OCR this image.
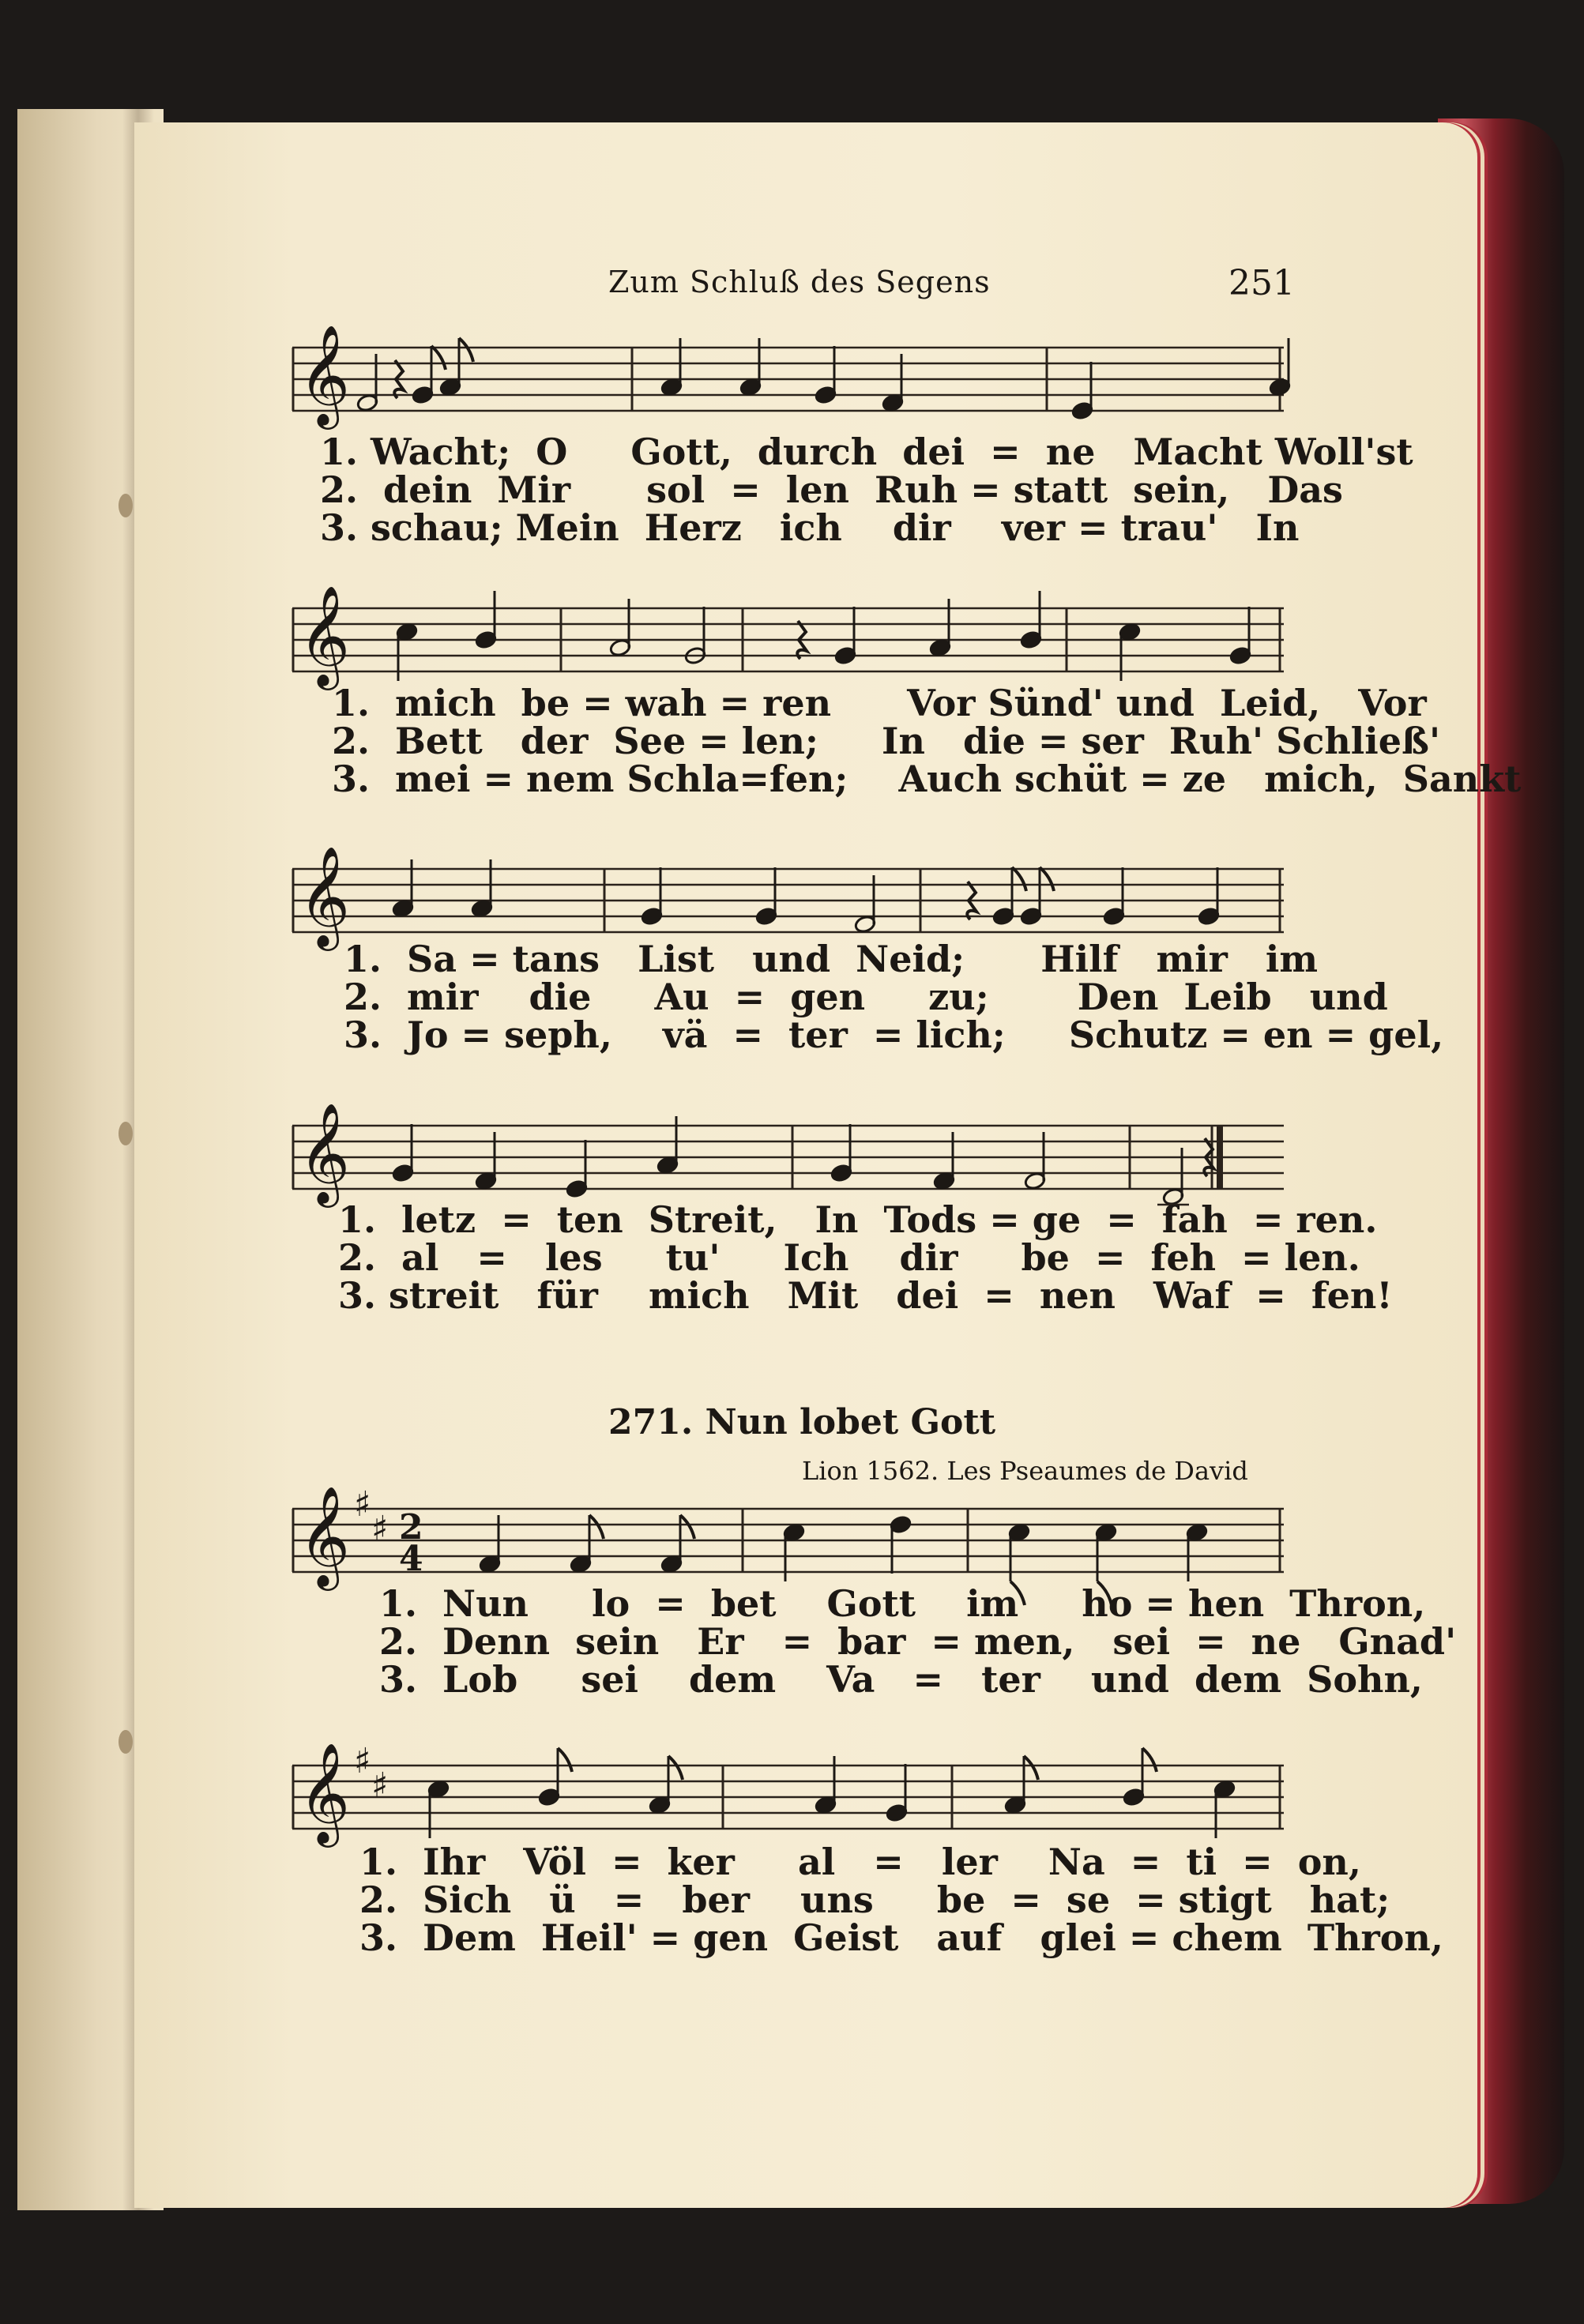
Zum Schluß des Segens	251
𝄞
1. Wacht;  O     Gott,  durch  dei  =  ne   Macht Woll'st
2.  dein  Mir      sol  =  len  Ruh = statt  sein,   Das
3. schau; Mein  Herz   ich    dir    ver = trau'   In
𝄞
1.  mich  be = wah = ren      Vor Sünd' und  Leid,   Vor
2.  Bett   der  See = len;     In   die = ser  Ruh' Schließ'
3.  mei = nem Schla=fen;    Auch schüt = ze   mich,  Sankt
𝄞
1.  Sa = tans   List   und  Neid;      Hilf   mir   im
2.  mir    die     Au  =  gen     zu;       Den  Leib   und
3.  Jo = seph,    vä  =  ter  = lich;     Schutz = en = gel,
𝄞
1.  letz  =  ten  Streit,   In  Tods = ge  =  fah  = ren.
2.  al   =   les     tu'     Ich    dir     be  =  feh  = len.
3. streit   für    mich   Mit   dei  =  nen   Waf  =  fen!
271. Nun lobet Gott
Lion 1562. Les Pseaumes de David
𝄞 ♯
♯ 2
4
1.  Nun     lo  =  bet    Gott    im     ho = hen  Thron,
2.  Denn  sein   Er   =  bar  = men,   sei  =  ne   Gnad'
3.  Lob     sei    dem    Va   =   ter    und  dem  Sohn,
𝄞 ♯
♯
1.  Ihr   Völ  =  ker     al   =   ler    Na  =  ti  =  on,
2.  Sich   ü   =   ber    uns     be  =  se  = stigt   hat;
3.  Dem  Heil' = gen  Geist   auf   glei = chem  Thron,
